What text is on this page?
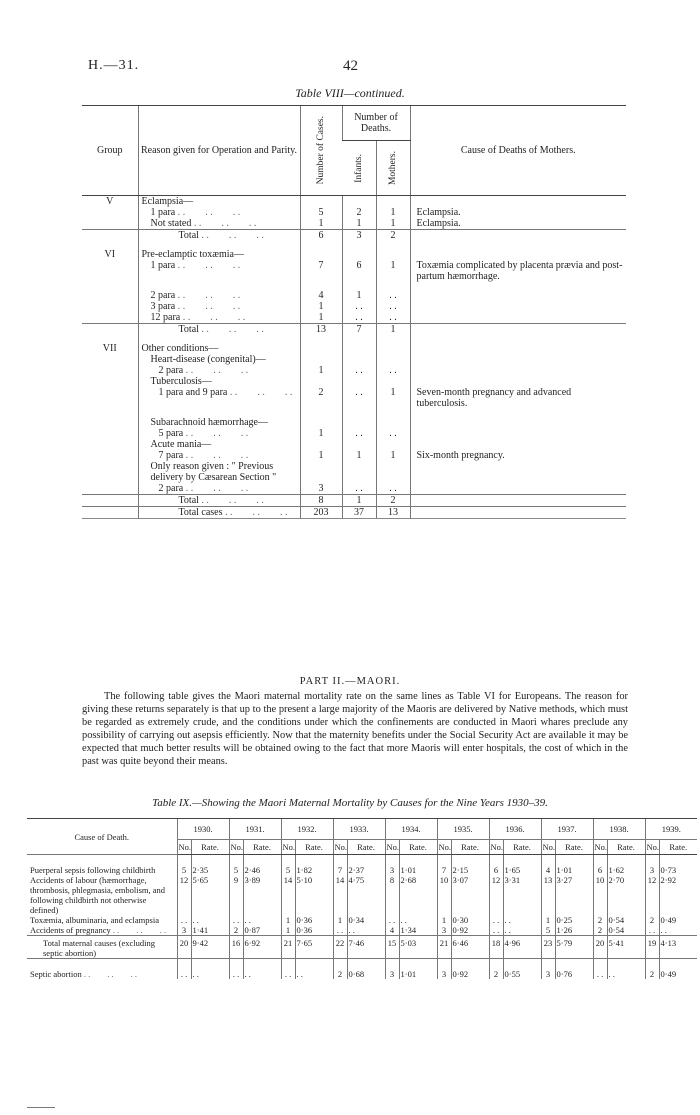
H.—31.	42
Table VIII—continued.
Group	Reason given for Operation and Parity.	Number of Cases.	Number of Deaths.		Cause of Deaths of Mothers.

			Infants.	Mothers.	

V	Eclampsia—				
	1 para . .	5	2	1	Eclampsia.
	Not stated . .	1	1	1	Eclampsia.
	Total . .	6	3	2	

VI	Pre-eclamptic toxæmia—				
	1 para . .	7	6	1	Toxæmia complicated by placenta prævia and post-partum hæmorrhage.

	2 para . .	4	1	. .	
	3 para . .	1	. .	. .	
	12 para . .	1	. .	. .	
	Total . .	13	7	1	

VII	Other conditions—				
	Heart-disease (congenital)—				
	2 para . .	1	. .	. .	
	Tuberculosis—				
	1 para and 9 para . .	2	. .	1	Seven-month pregnancy and advanced tuberculosis.

	Subarachnoid hæmorrhage—				
	5 para . .	1	. .	. .	
	Acute mania—				
	7 para . .	1	1	1	Six-month pregnancy.
	Only reason given : " Previous delivery by Cæsarean Section "				
	2 para . .	3	. .	. .	
	Total . .	8	1	2	
	Total cases . .	203	37	13	
PART II.—MAORI.

The following table gives the Maori maternal mortality rate on the same lines as Table VI for Europeans. The reason for giving these returns separately is that up to the present a large majority of the Maoris are delivered by Native methods, which must be regarded as extremely crude, and the conditions under which the confinements are conducted in Maori whares preclude any possibility of carrying out asepsis efficiently. Now that the maternity benefits under the Social Security Act are available it may be expected that much better results will be obtained owing to the fact that more Maoris will enter hospitals, the cost of which in the past was quite beyond their means.

Table IX.—Showing the Maori Maternal Mortality by Causes for the Nine Years 1930–39.
Cause of Death.	1930.		1931.		1932.		1933.		1934.		1935.		1936.		1937.		1938.		1939.	
	No.	Rate.	No.	Rate.	No.	Rate.	No.	Rate.	No.	Rate.	No.	Rate.	No.	Rate.	No.	Rate.	No.	Rate.	No.	Rate.

Puerperal sepsis following childbirth	5	2·35	5	2·46	5	1·82	7	2·37	3	1·01	7	2·15	6	1·65	4	1·01	6	1·62	3	0·73
Accidents of labour (hæmorrhage, thrombosis, phlegmasia, embolism, and following childbirth not otherwise defined)	12	5·65	9	3·89	14	5·10	14	4·75	8	2·68	10	3·07	12	3·31	13	3·27	10	2·70	12	2·92
Toxæmia, albuminaria, and eclampsia	. .	. .	. .	. .	1	0·36	1	0·34	. .	. .	1	0·30	. .	. .	1	0·25	2	0·54	2	0·49
Accidents of pregnancy . .	3	1·41	2	0·87	1	0·36	. .	. .	4	1·34	3	0·92	. .	. .	5	1·26	2	0·54	. .	. .
Total maternal causes (excluding septic abortion)	20	9·42	16	6·92	21	7·65	22	7·46	15	5·03	21	6·46	18	4·96	23	5·79	20	5·41	19	4·13

Septic abortion . .	. .	. .	. .	. .	. .	. .	2	0·68	3	1·01	3	0·92	2	0·55	3	0·76	. .	. .	2	0·49
